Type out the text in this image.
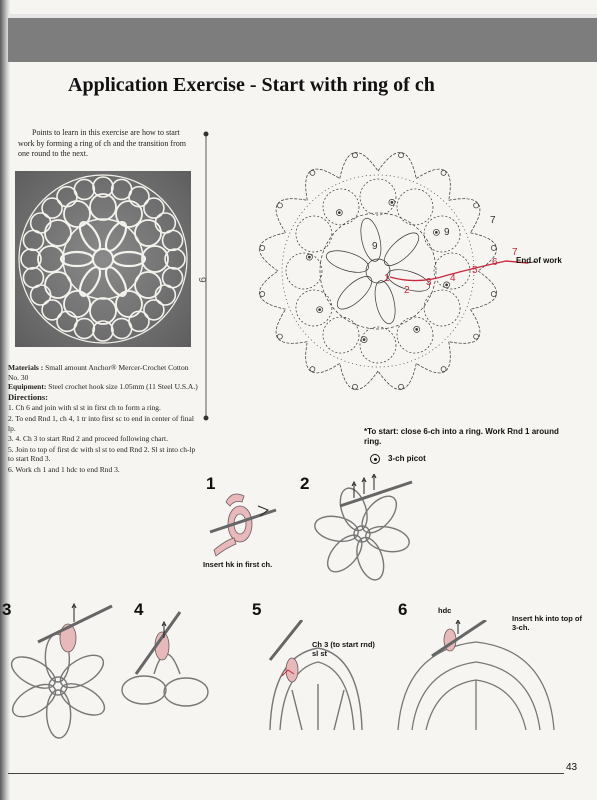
Application Exercise - Start with ring of ch

Points to learn in this exercise are how to start work by forming a ring of ch and the transition from one round to the next.

Materials : Small amount Anchor® Mercer-Crochet Cotton No. 30
Equipment: Steel crochet hook size 1.05mm (11 Steel U.S.A.)
Directions:
1. Ch 6 and join with sl st in first ch to form a ring.
2. To end Rnd 1, ch 4, 1 tr into first sc to end in center of final lp.
3. 4. Ch 3 to start Rnd 2 and proceed following chart.
5. Join to top of first dc with sl st to end Rnd 2. Sl st into ch-lp to start Rnd 3.
6. Work ch 1 and 1 hdc to end Rnd 3.
9	1
2
3 4
5
6
7
9
9
7
End of work
*To start: close 6-ch into a ring. Work Rnd 1 around ring.
3-ch picot
1
Insert hk in first ch.
2
3	4	5
Ch 3 (to start rnd)
sl st
6	hdc
Insert hk into top of 3-ch.
43
